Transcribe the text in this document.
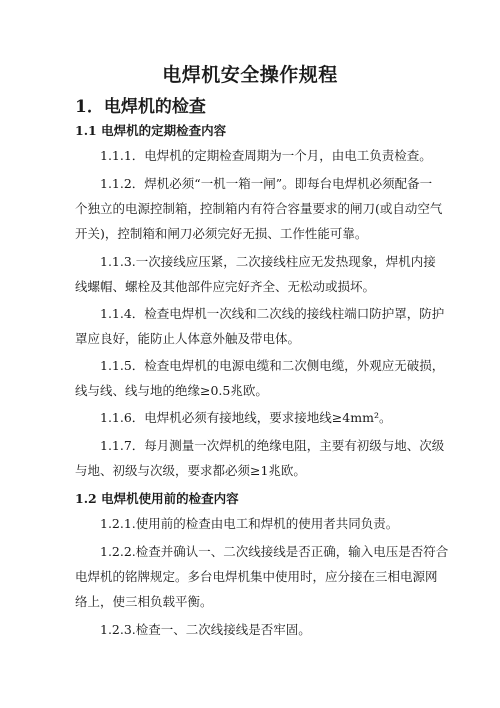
电焊机安全操作规程
1．电焊机的检查
1.1 电焊机的定期检查内容
1.1.1．电焊机的定期检查周期为一个月，由电工负责检查。
1.1.2．焊机必须“一机一箱一闸”。即每台电焊机必须配备一
个独立的电源控制箱，控制箱内有符合容量要求的闸刀(或自动空气
开关)，控制箱和闸刀必须完好无损、工作性能可靠。
1.1.3.一次接线应压紧，二次接线柱应无发热现象，焊机内接
线螺帽、螺栓及其他部件应完好齐全、无松动或损坏。
1.1.4．检查电焊机一次线和二次线的接线柱端口防护罩，防护
罩应良好，能防止人体意外触及带电体。
1.1.5．检查电焊机的电源电缆和二次侧电缆，外观应无破损，
线与线、线与地的绝缘≥0.5兆欧。
1.1.6．电焊机必须有接地线，要求接地线≥4mm²。
1.1.7．每月测量一次焊机的绝缘电阻，主要有初级与地、次级
与地、初级与次级，要求都必须≥1兆欧。
1.2 电焊机使用前的检查内容
1.2.1.使用前的检查由电工和焊机的使用者共同负责。
1.2.2.检查并确认一、二次线接线是否正确，输入电压是否符合
电焊机的铭牌规定。多台电焊机集中使用时，应分接在三相电源网
络上，使三相负载平衡。
1.2.3.检查一、二次线接线是否牢固。
